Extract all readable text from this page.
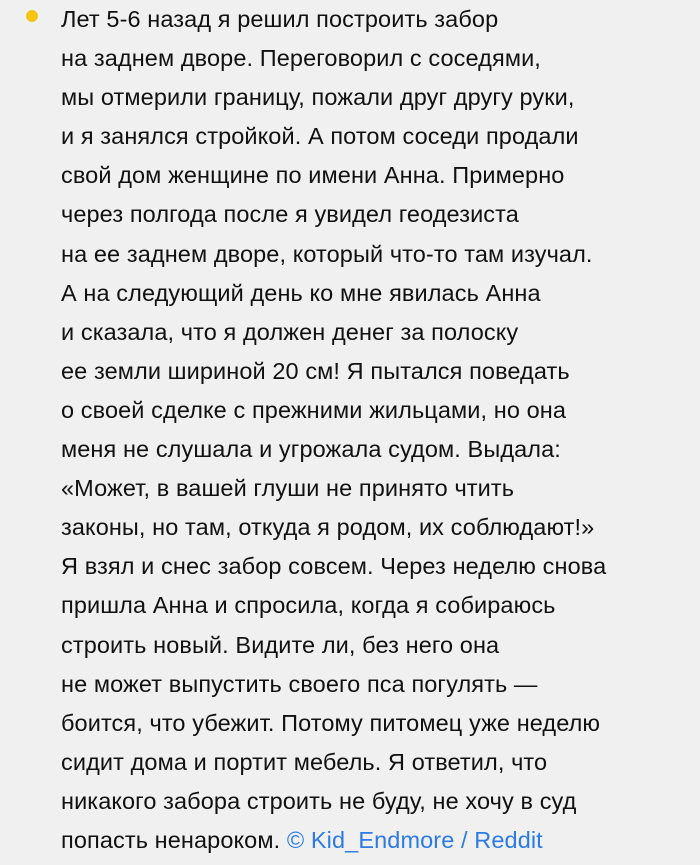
Лет 5-6 назад я решил построить забор
на заднем дворе. Переговорил с соседями,
мы отмерили границу, пожали друг другу руки,
и я занялся стройкой. А потом соседи продали
свой дом женщине по имени Анна. Примерно
через полгода после я увидел геодезиста
на ее заднем дворе, который что-то там изучал.
А на следующий день ко мне явилась Анна
и сказала, что я должен денег за полоску
ее земли шириной 20 см! Я пытался поведать
о своей сделке с прежними жильцами, но она
меня не слушала и угрожала судом. Выдала:
«Может, в вашей глуши не принято чтить
законы, но там, откуда я родом, их соблюдают!»
Я взял и снес забор совсем. Через неделю снова
пришла Анна и спросила, когда я собираюсь
строить новый. Видите ли, без него она
не может выпустить своего пса погулять —
боится, что убежит. Потому питомец уже неделю
сидит дома и портит мебель. Я ответил, что
никакого забора строить не буду, не хочу в суд
попасть ненароком. © Kid_Endmore / Reddit
